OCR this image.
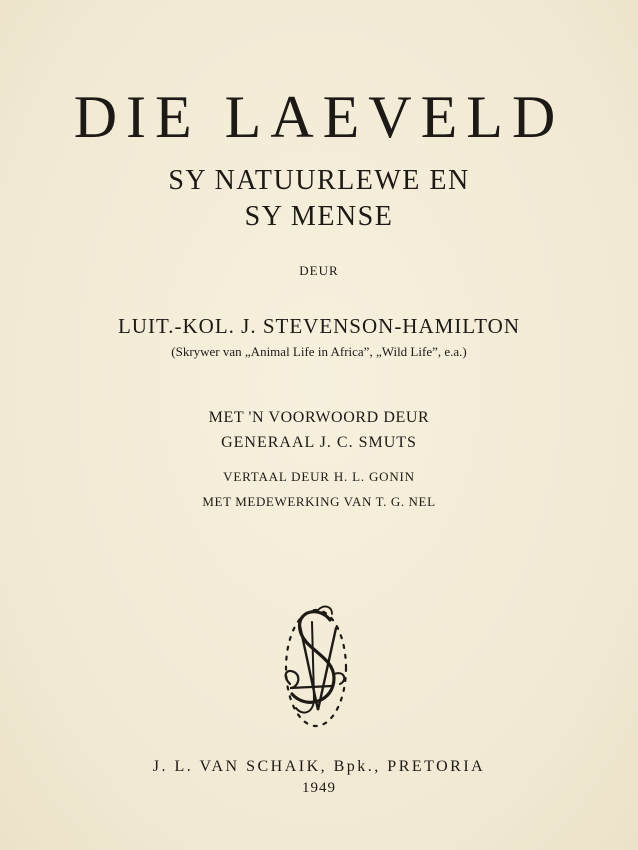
DIE LAEVELD
SY NATUURLEWE EN
SY MENSE
DEUR
LUIT.-KOL. J. STEVENSON-HAMILTON
(Skrywer van „Animal Life in Africa”, „Wild Life”, e.a.)
MET 'N VOORWOORD DEUR
GENERAAL J. C. SMUTS
VERTAAL DEUR H. L. GONIN
MET MEDEWERKING VAN T. G. NEL
J. L. VAN SCHAIK, Bpk., PRETORIA
1949
